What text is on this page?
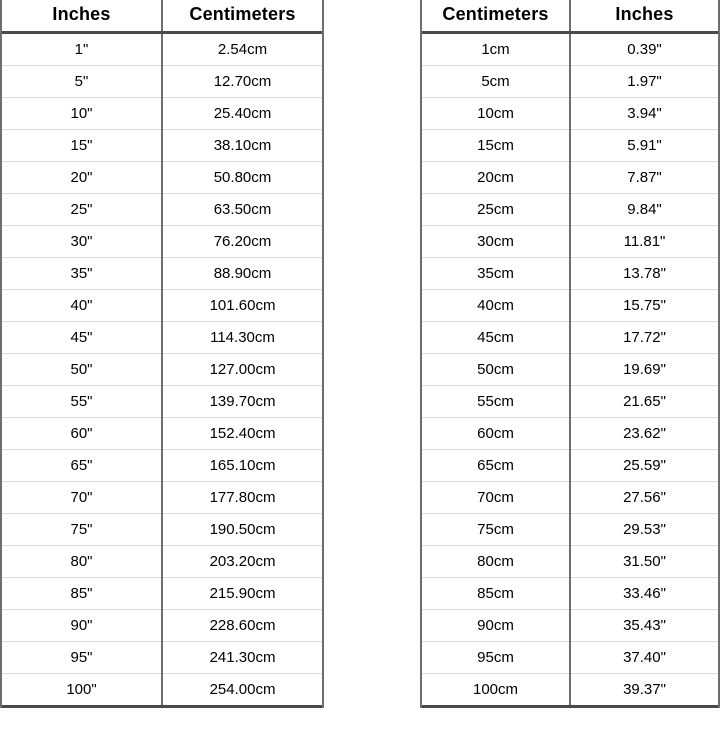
Inches	Centimeters
1"	2.54cm
5"	12.70cm
10"	25.40cm
15"	38.10cm
20"	50.80cm
25"	63.50cm
30"	76.20cm
35"	88.90cm
40"	101.60cm
45"	114.30cm
50"	127.00cm
55"	139.70cm
60"	152.40cm
65"	165.10cm
70"	177.80cm
75"	190.50cm
80"	203.20cm
85"	215.90cm
90"	228.60cm
95"	241.30cm
100"	254.00cm
Centimeters	Inches
1cm	0.39"
5cm	1.97"
10cm	3.94"
15cm	5.91"
20cm	7.87"
25cm	9.84"
30cm	11.81"
35cm	13.78"
40cm	15.75"
45cm	17.72"
50cm	19.69"
55cm	21.65"
60cm	23.62"
65cm	25.59"
70cm	27.56"
75cm	29.53"
80cm	31.50"
85cm	33.46"
90cm	35.43"
95cm	37.40"
100cm	39.37"
